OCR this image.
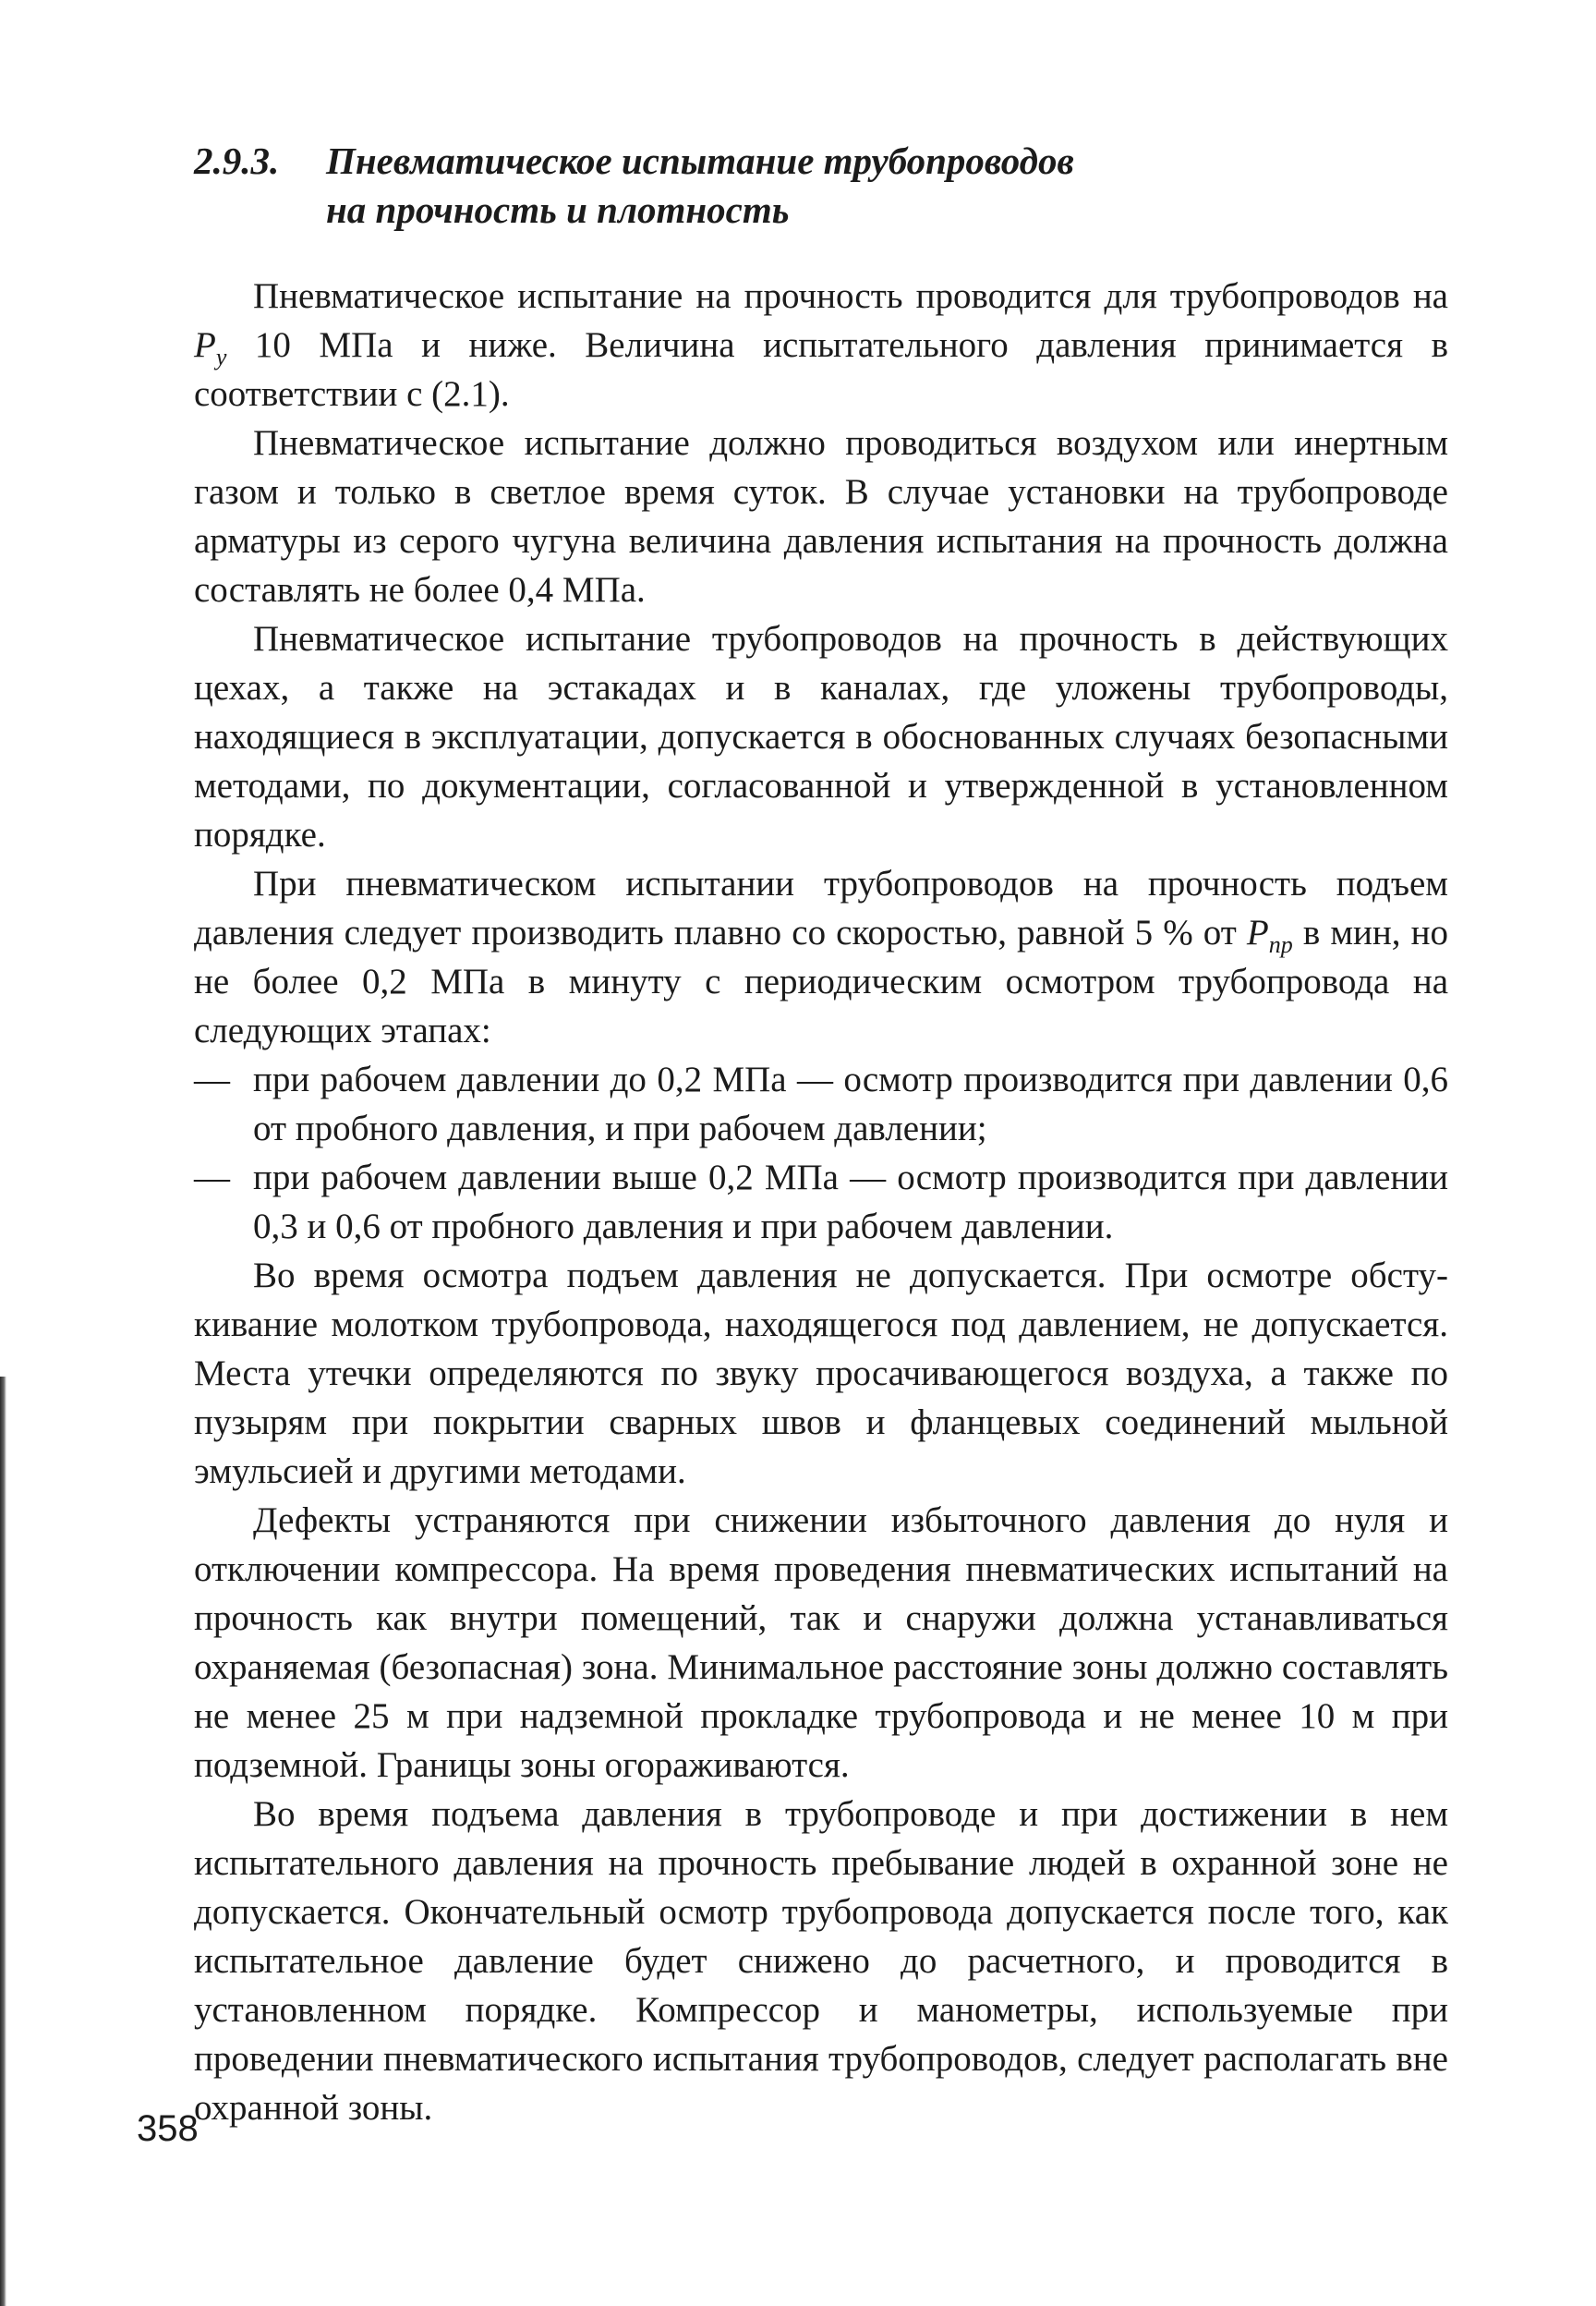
2.9.3. Пневматическое испытание трубопроводов
на прочность и плотность

Пневматическое испытание на прочность проводится для трубопроводов на $P_у$ 10 МПа и ниже. Величина испытательного давления принимается в соответствии с (2.1).

Пневматическое испытание должно проводиться воздухом или инертным газом и только в светлое время суток. В случае установки на трубопроводе арматуры из серого чугуна величина давления испытания на прочность должна составлять не более 0,4 МПа.

Пневматическое испытание трубопроводов на прочность в действующих цехах, а также на эстакадах и в каналах, где уложены трубопроводы, находящиеся в эксплуатации, допускается в обоснованных случаях безопасными методами, по документации, согласованной и утвержденной в установленном порядке.

При пневматическом испытании трубопроводов на прочность подъем давления следует производить плавно со скоростью, равной 5 % от $P_{пр}$ в мин, но не более 0,2 МПа в минуту с периодическим осмотром трубопровода на следующих этапах:

— при рабочем давлении до 0,2 МПа — осмотр производится при давлении 0,6 от пробного давления, и при рабочем давлении;
— при рабочем давлении выше 0,2 МПа — осмотр производится при давлении 0,3 и 0,6 от пробного давления и при рабочем давлении.

Во время осмотра подъем давления не допускается. При осмотре обстукивание молотком трубопровода, находящегося под давлением, не допускается. Места утечки определяются по звуку просачивающегося воздуха, а также по пузырям при покрытии сварных швов и фланцевых соединений мыльной эмульсией и другими методами.

Дефекты устраняются при снижении избыточного давления до нуля и отключении компрессора. На время проведения пневматических испытаний на прочность как внутри помещений, так и снаружи должна устанавливаться охраняемая (безопасная) зона. Минимальное расстояние зоны должно составлять не менее 25 м при надземной прокладке трубопровода и не менее 10 м при подземной. Границы зоны огораживаются.

Во время подъема давления в трубопроводе и при достижении в нем испытательного давления на прочность пребывание людей в охранной зоне не допускается. Окончательный осмотр трубопровода допускается после того, как испытательное давление будет снижено до расчетного, и проводится в установленном порядке. Компрессор и манометры, используемые при проведении пневматического испытания трубопроводов, следует располагать вне охранной зоны.

358
